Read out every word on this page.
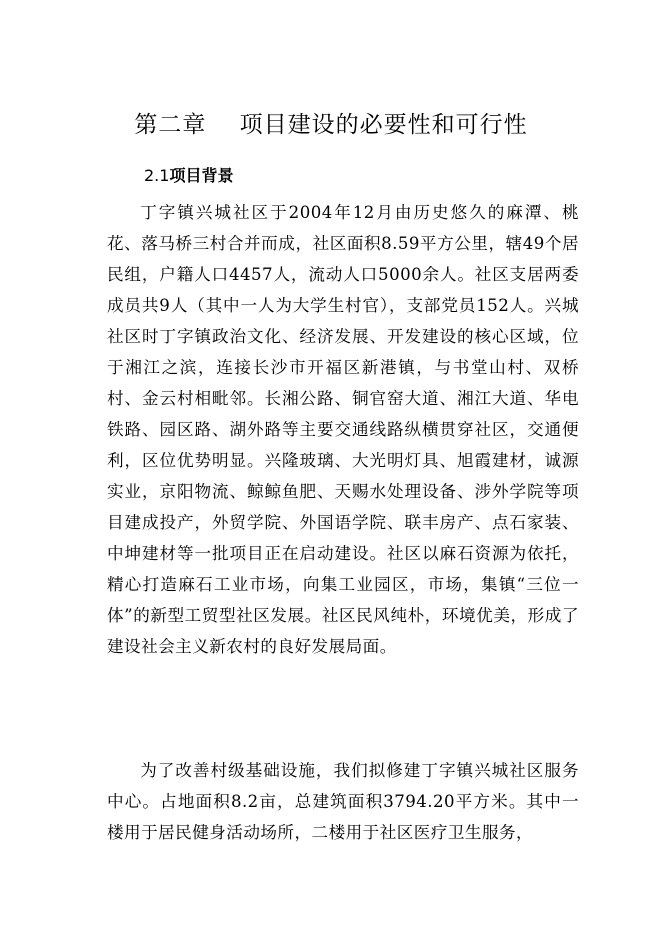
第二章    项目建设的必要性和可行性
2.1项目背景

丁字镇兴城社区于2004年12月由历史悠久的麻潭、桃花、落马桥三村合并而成，社区面积8.59平方公里，辖49个居民组，户籍人口4457人，流动人口5000余人。社区支居两委成员共9人（其中一人为大学生村官），支部党员152人。兴城社区时丁字镇政治文化、经济发展、开发建设的核心区域，位于湘江之滨，连接长沙市开福区新港镇，与书堂山村、双桥村、金云村相毗邻。长湘公路、铜官窑大道、湘江大道、华电铁路、园区路、湖外路等主要交通线路纵横贯穿社区，交通便利，区位优势明显。兴隆玻璃、大光明灯具、旭霞建材，诚源实业，京阳物流、鲸鲸鱼肥、天赐水处理设备、涉外学院等项目建成投产，外贸学院、外国语学院、联丰房产、点石家装、中坤建材等一批项目正在启动建设。社区以麻石资源为依托，精心打造麻石工业市场，向集工业园区，市场，集镇“三位一体”的新型工贸型社区发展。社区民风纯朴，环境优美，形成了建设社会主义新农村的良好发展局面。

为了改善村级基础设施，我们拟修建丁字镇兴城社区服务中心。占地面积8.2亩，总建筑面积3794.20平方米。其中一楼用于居民健身活动场所，二楼用于社区医疗卫生服务，
